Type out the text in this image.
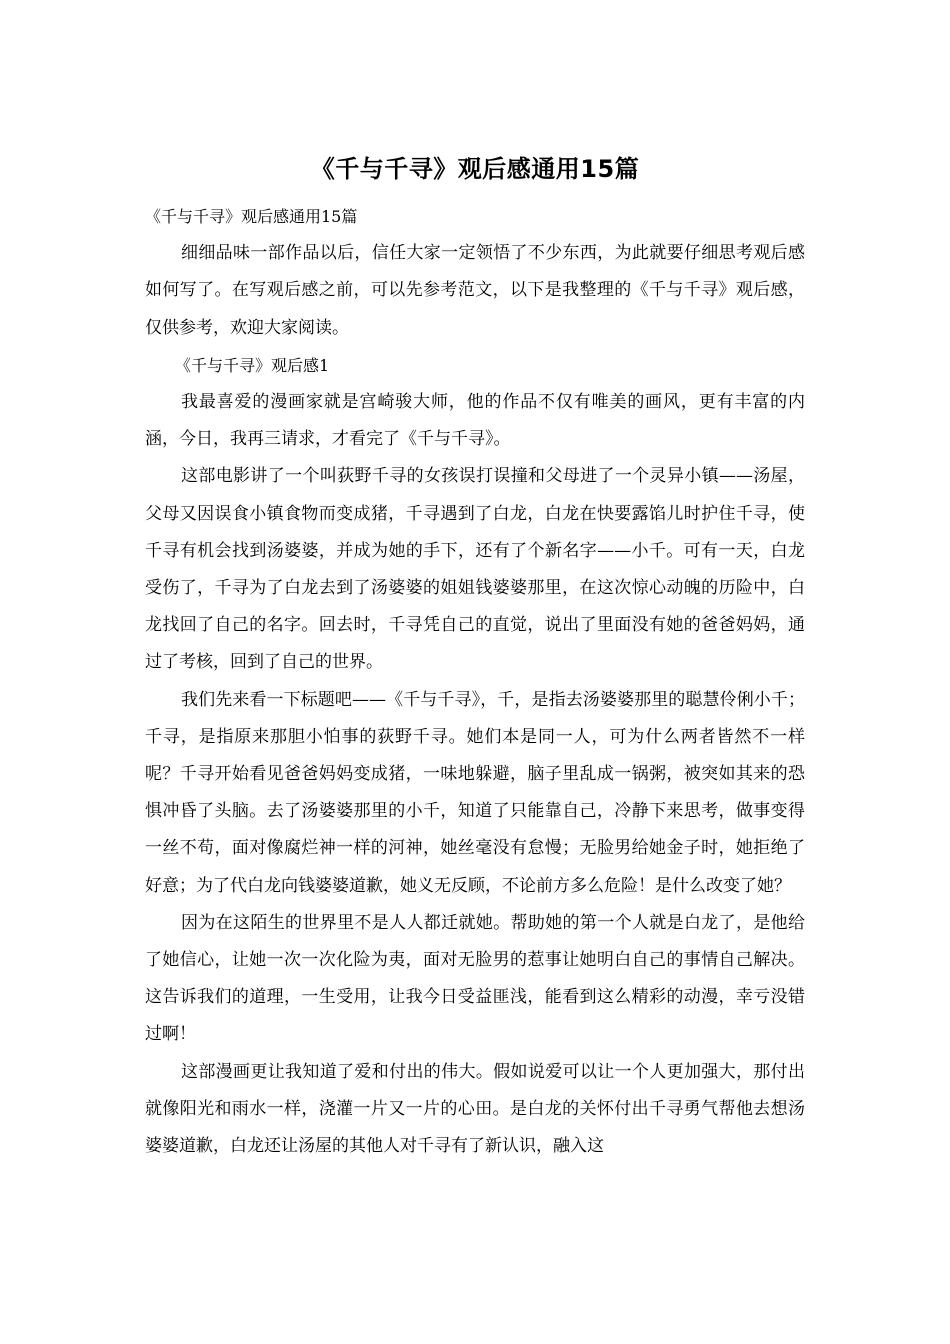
《千与千寻》观后感通用15篇

《千与千寻》观后感通用15篇

细细品味一部作品以后，信任大家一定领悟了不少东西，为此就要仔细思考观后感如何写了。在写观后感之前，可以先参考范文，以下是我整理的《千与千寻》观后感，仅供参考，欢迎大家阅读。

《千与千寻》观后感1

我最喜爱的漫画家就是宫崎骏大师，他的作品不仅有唯美的画风，更有丰富的内涵，今日，我再三请求，才看完了《千与千寻》。

这部电影讲了一个叫荻野千寻的女孩误打误撞和父母进了一个灵异小镇——汤屋，父母又因误食小镇食物而变成猪，千寻遇到了白龙，白龙在快要露馅儿时护住千寻，使千寻有机会找到汤婆婆，并成为她的手下，还有了个新名字——小千。可有一天，白龙受伤了，千寻为了白龙去到了汤婆婆的姐姐钱婆婆那里，在这次惊心动魄的历险中，白龙找回了自己的名字。回去时，千寻凭自己的直觉，说出了里面没有她的爸爸妈妈，通过了考核，回到了自己的世界。

我们先来看一下标题吧——《千与千寻》，千，是指去汤婆婆那里的聪慧伶俐小千；千寻，是指原来那胆小怕事的荻野千寻。她们本是同一人，可为什么两者皆然不一样呢？千寻开始看见爸爸妈妈变成猪，一味地躲避，脑子里乱成一锅粥，被突如其来的恐惧冲昏了头脑。去了汤婆婆那里的小千，知道了只能靠自己，冷静下来思考，做事变得一丝不苟，面对像腐烂神一样的河神，她丝毫没有怠慢；无脸男给她金子时，她拒绝了好意；为了代白龙向钱婆婆道歉，她义无反顾，不论前方多么危险！是什么改变了她？

因为在这陌生的世界里不是人人都迁就她。帮助她的第一个人就是白龙了，是他给了她信心，让她一次一次化险为夷，面对无脸男的惹事让她明白自己的事情自己解决。这告诉我们的道理，一生受用，让我今日受益匪浅，能看到这么精彩的动漫，幸亏没错过啊！

这部漫画更让我知道了爱和付出的伟大。假如说爱可以让一个人更加强大，那付出就像阳光和雨水一样，浇灌一片又一片的心田。是白龙的关怀付出千寻勇气帮他去想汤婆婆道歉，白龙还让汤屋的其他人对千寻有了新认识，融入这
